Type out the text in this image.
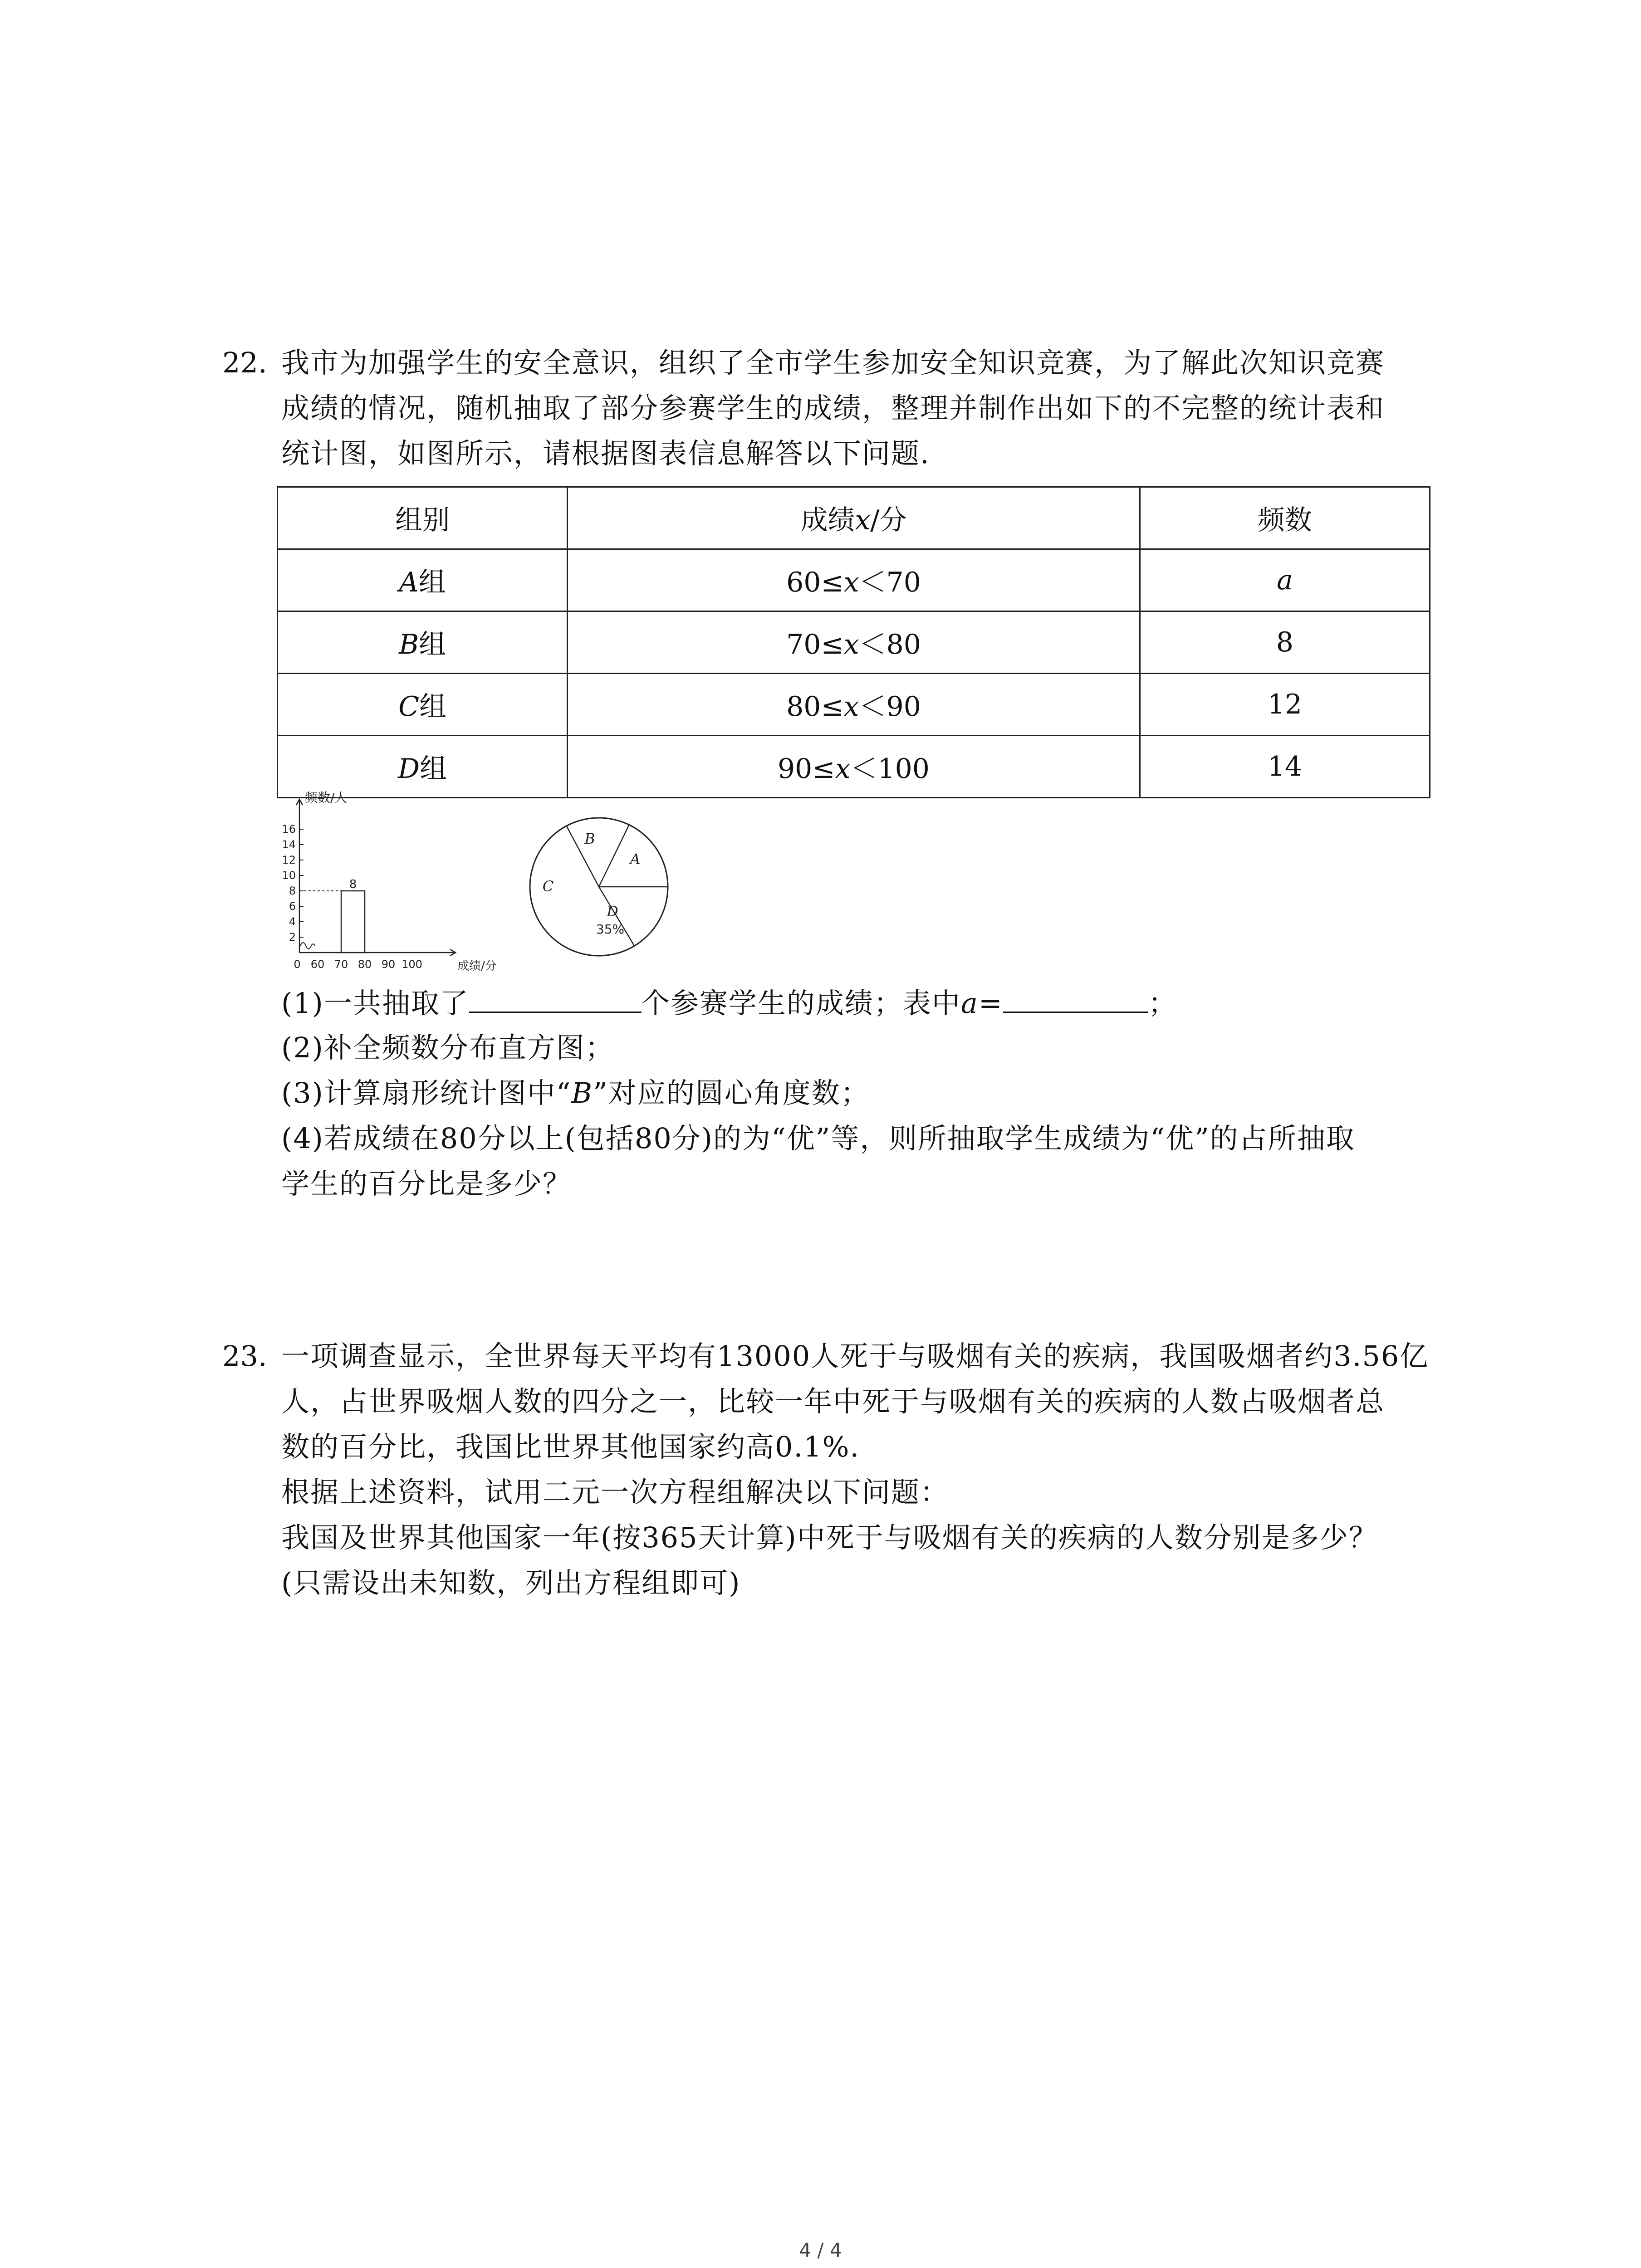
22. 我市为加强学生的安全意识，组织了全市学生参加安全知识竞赛，为了解此次知识竞赛
成绩的情况，随机抽取了部分参赛学生的成绩，整理并制作出如下的不完整的统计表和
统计图，如图所示，请根据图表信息解答以下问题.
组别	成绩x/分	频数
A组	60≤x＜70	a
B组	70≤x＜80	8
C组	80≤x＜90	12
D组	90≤x＜100	14
频数/人
成绩/分
2
4
6
8
10
12
14
16
0 60 70 80 90 100
8
A
B
C
D
35%
(1)一共抽取了	个参赛学生的成绩；表中a=	；
(2)补全频数分布直方图；
(3)计算扇形统计图中“B”对应的圆心角度数；
(4)若成绩在80分以上(包括80分)的为“优”等，则所抽取学生成绩为“优”的占所抽取
学生的百分比是多少？
23. 一项调查显示，全世界每天平均有13000人死于与吸烟有关的疾病，我国吸烟者约3.56亿
人，占世界吸烟人数的四分之一，比较一年中死于与吸烟有关的疾病的人数占吸烟者总
数的百分比，我国比世界其他国家约高0.1%.
根据上述资料，试用二元一次方程组解决以下问题：
我国及世界其他国家一年(按365天计算)中死于与吸烟有关的疾病的人数分别是多少？
(只需设出未知数，列出方程组即可)
4 / 4
